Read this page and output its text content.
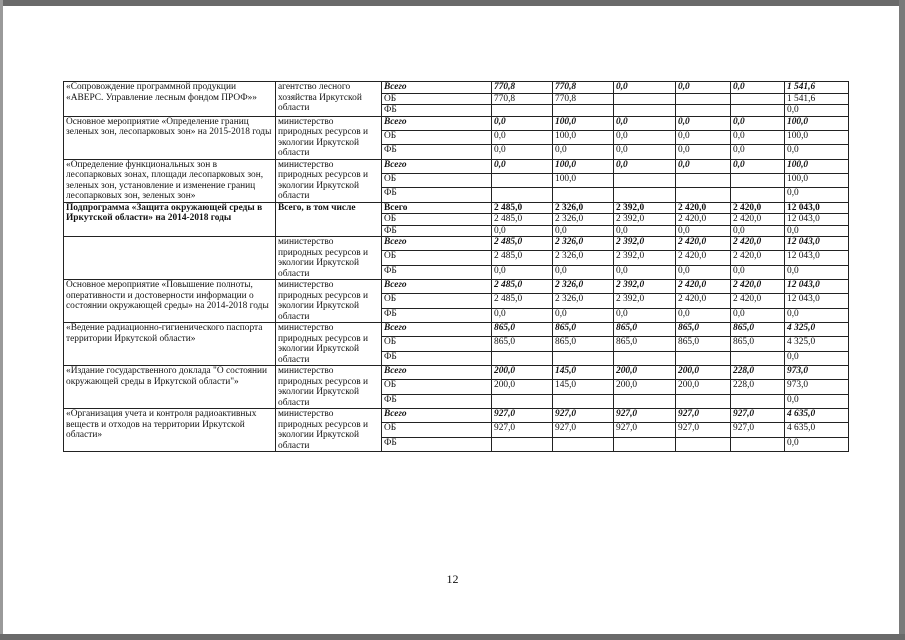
«Сопровождение программной продукции «АВЕРС. Управление лесным фондом ПРОФ»»	агентство лесного хозяйства Иркутской области	Всего	770,8	770,8	0,0	0,0	0,0	1 541,6
		ОБ	770,8	770,8				1 541,6
		ФБ						0,0
Основное мероприятие «Определение границ зеленых зон, лесопарковых зон» на 2015-2018 годы	министерство природных ресурсов и экологии Иркутской области	Всего	0,0	100,0	0,0	0,0	0,0	100,0
		ОБ	0,0	100,0	0,0	0,0	0,0	100,0
		ФБ	0,0	0,0	0,0	0,0	0,0	0,0
«Определение функциональных зон в лесопарковых зонах, площади лесопарковых зон, зеленых зон, установление и изменение границ лесопарковых зон, зеленых зон»	министерство природных ресурсов и экологии Иркутской области	Всего	0,0	100,0	0,0	0,0	0,0	100,0
		ОБ		100,0				100,0
		ФБ						0,0
Подпрограмма «Защита окружающей среды в Иркутской области» на 2014-2018 годы	Всего, в том числе	Всего	2 485,0	2 326,0	2 392,0	2 420,0	2 420,0	12 043,0
		ОБ	2 485,0	2 326,0	2 392,0	2 420,0	2 420,0	12 043,0
		ФБ	0,0	0,0	0,0	0,0	0,0	0,0
	министерство природных ресурсов и экологии Иркутской области	Всего	2 485,0	2 326,0	2 392,0	2 420,0	2 420,0	12 043,0
		ОБ	2 485,0	2 326,0	2 392,0	2 420,0	2 420,0	12 043,0
		ФБ	0,0	0,0	0,0	0,0	0,0	0,0
Основное мероприятие «Повышение полноты, оперативности и достоверности информации о состоянии окружающей среды» на 2014-2018 годы	министерство природных ресурсов и экологии Иркутской области	Всего	2 485,0	2 326,0	2 392,0	2 420,0	2 420,0	12 043,0
		ОБ	2 485,0	2 326,0	2 392,0	2 420,0	2 420,0	12 043,0
		ФБ	0,0	0,0	0,0	0,0	0,0	0,0
«Ведение радиационно-гигиенического паспорта территории Иркутской области»	министерство природных ресурсов и экологии Иркутской области	Всего	865,0	865,0	865,0	865,0	865,0	4 325,0
		ОБ	865,0	865,0	865,0	865,0	865,0	4 325,0
		ФБ						0,0
«Издание государственного доклада "О состоянии окружающей среды в Иркутской области"»	министерство природных ресурсов и экологии Иркутской области	Всего	200,0	145,0	200,0	200,0	228,0	973,0
		ОБ	200,0	145,0	200,0	200,0	228,0	973,0
		ФБ						0,0
«Организация учета и контроля радиоактивных веществ и отходов на территории Иркутской области»	министерство природных ресурсов и экологии Иркутской области	Всего	927,0	927,0	927,0	927,0	927,0	4 635,0
		ОБ	927,0	927,0	927,0	927,0	927,0	4 635,0
		ФБ						0,0
12
